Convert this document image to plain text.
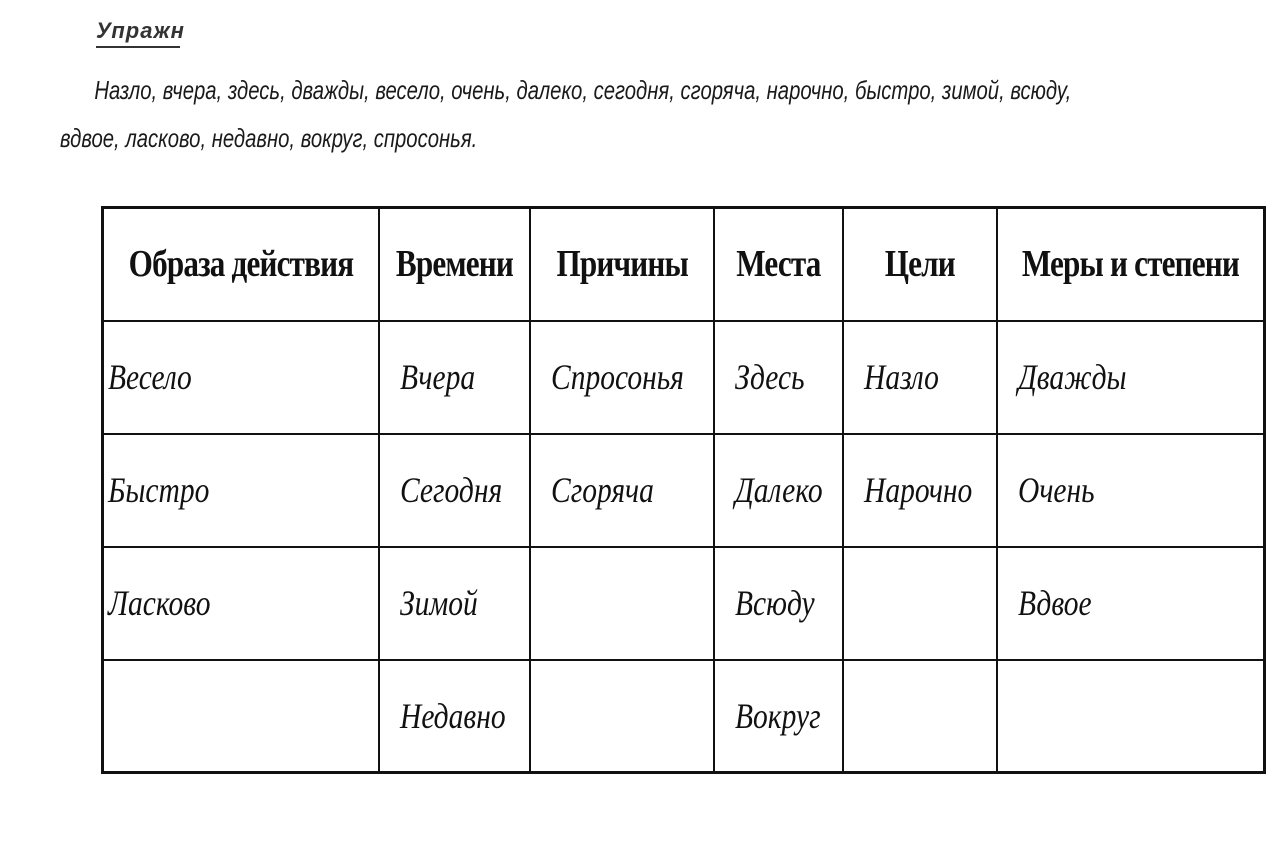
Упражн
Назло, вчера, здесь, дважды, весело, очень, далеко, сегодня, сгоряча, нарочно, быстро, зимой, всюду, вдвое, ласково, недавно, вокруг, спросонья.
Образа действия	Времени	Причины	Места	Цели	Меры и степени
Весело	Вчера	Спросонья	Здесь	Назло	Дважды
Быстро	Сегодня	Сгоряча	Далеко	Нарочно	Очень
Ласково	Зимой		Всюду		Вдвое
	Недавно		Вокруг		
